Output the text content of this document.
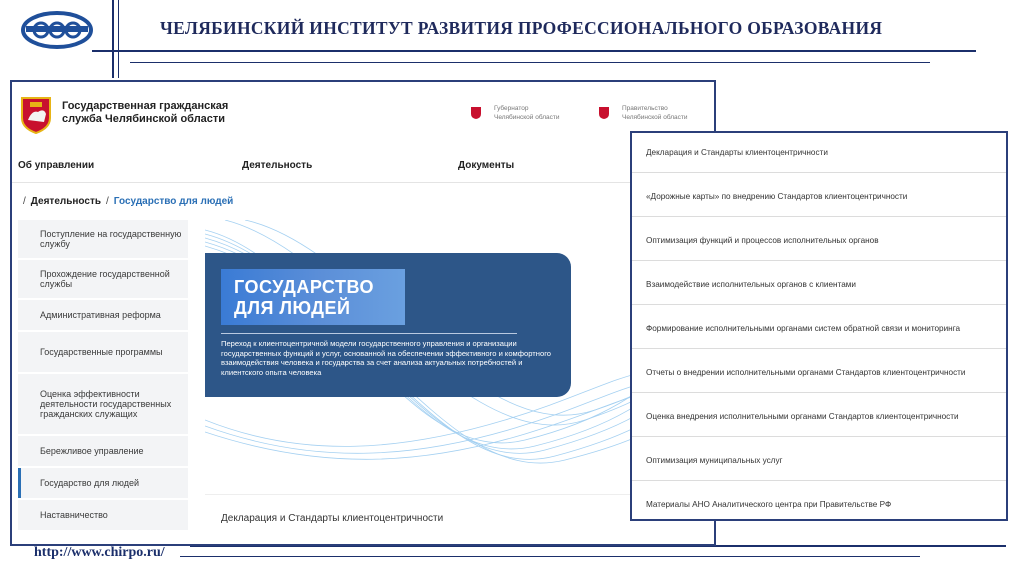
ЧЕЛЯБИНСКИЙ ИНСТИТУТ РАЗВИТИЯ ПРОФЕССИОНАЛЬНОГО ОБРАЗОВАНИЯ
Государственная гражданская
служба Челябинской области
Губернатор
Челябинской области
Правительство
Челябинской области
Об управлении	Деятельность	Документы
/ Деятельность / Государство для людей
Поступление на государственную службу
Прохождение государственной службы
Административная реформа
Государственные программы
Оценка эффективности деятельности государственных гражданских служащих
Бережливое управление
Государство для людей
Наставничество
ГОСУДАРСТВО
ДЛЯ ЛЮДЕЙ
Переход к клиентоцентричной модели государственного управления и организации государственных функций и услуг, основанной на обеспечении эффективного и комфортного взаимодействия человека и государства за счет анализа актуальных потребностей и клиентского опыта человека
Декларация и Стандарты клиентоцентричности
Декларация и Стандарты клиентоцентричности
«Дорожные карты» по внедрению Стандартов клиентоцентричности
Оптимизация функций и процессов исполнительных органов
Взаимодействие исполнительных органов с клиентами
Формирование исполнительными органами систем обратной связи и мониторинга
Отчеты о внедрении исполнительными органами Стандартов клиентоцентричности
Оценка внедрения исполнительными органами Стандартов клиентоцентричности
Оптимизация муниципальных услуг
Материалы АНО Аналитического центра при Правительстве РФ
http://www.chirpo.ru/
